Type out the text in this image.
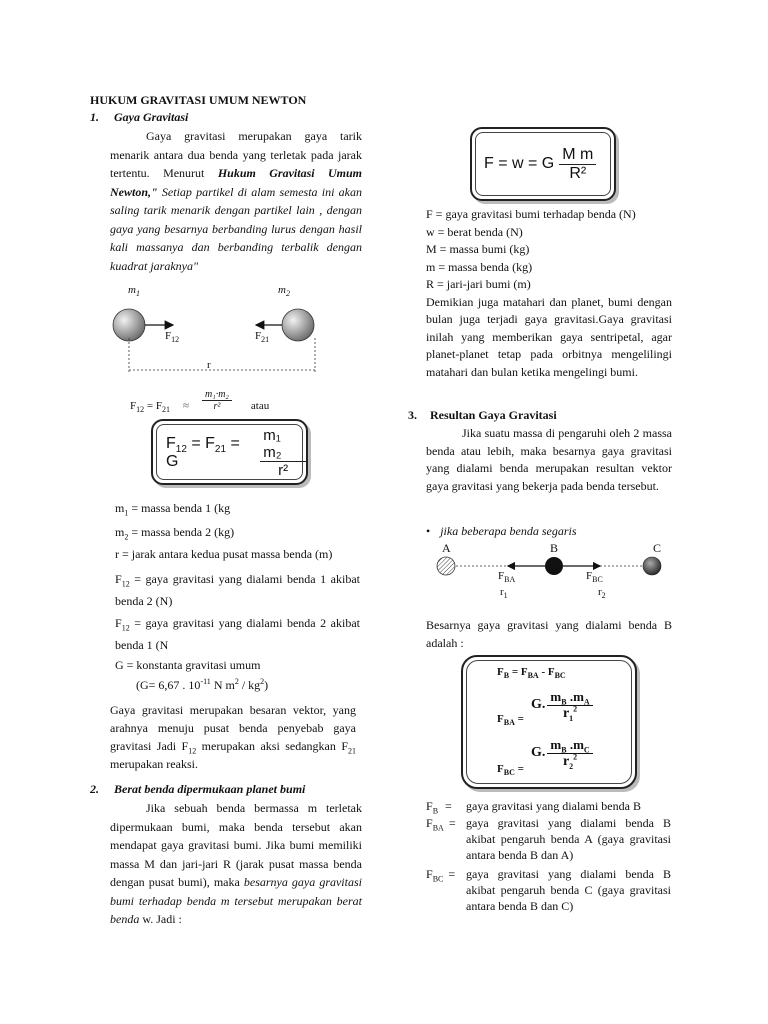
HUKUM GRAVITASI UMUM NEWTON
1. Gaya Gravitasi

Gaya gravitasi merupakan gaya tarik menarik antara dua benda yang terletak pada jarak tertentu. Menurut Hukum Gravitasi Umum Newton," Setiap partikel di alam semesta ini akan saling tarik menarik dengan partikel lain , dengan gaya yang besarnya berbanding lurus dengan hasil kali massanya dan berbanding terbalik dengan kuadrat jaraknya"

$m_1$	$m_2$
$F_{12}$	$F_{21}$
r
$F_{12} = F_{21} \approx \frac{\text{m₁·m₂}}{\text{r²}}$ atau
$F_{12} = F_{21} = G$	$\frac{\text{m₁ m₂}}{\text{r²}}$
$m_1$ = massa benda 1 (kg
$m_2$ = massa benda 2 (kg)
r = jarak antara kedua pusat massa benda (m)
$F_{12}$ = gaya gravitasi yang dialami benda 1 akibat benda 2 (N)
$F_{12}$ = gaya gravitasi yang dialami benda 2 akibat benda 1 (N
G = konstanta gravitasi umum
(G= 6,67 . $10^{-11}$ N $m^2 / kg^2$)
Gaya gravitasi merupakan besaran vektor, yang arahnya menuju pusat benda penyebab gaya gravitasi Jadi $F_{12}$ merupakan aksi sedangkan $F_{21}$ merupakan reaksi.
2. Berat benda dipermukaan planet bumi

Jika sebuah benda bermassa m terletak dipermukaan bumi, maka benda tersebut akan mendapat gaya gravitasi bumi. Jika bumi memiliki massa M dan jari-jari R (jarak pusat massa benda dengan pusat bumi), maka besarnya gaya gravitasi bumi terhadap benda m tersebut merupakan berat benda w. Jadi :

F = w = G $\frac{\text{M m}}{\text{R²}}$
F = gaya gravitasi bumi terhadap benda (N)
w = berat benda (N)
M = massa bumi (kg)
m = massa benda (kg)
R = jari-jari bumi (m)

Demikian juga matahari dan planet, bumi dengan bulan juga terjadi gaya gravitasi.Gaya gravitasi inilah yang memberikan gaya sentripetal, agar planet-planet tetap pada orbitnya mengelilingi matahari dan bulan ketika mengelingi bumi.

3. Resultan Gaya Gravitasi

Jika suatu massa di pengaruhi oleh 2 massa benda atau lebih, maka besarnya gaya gravitasi yang dialami benda merupakan resultan vektor gaya gravitasi yang bekerja pada benda tersebut.

• jika beberapa benda segaris
A	B	C
$F_{BA}$	$F_{BC}$
$r_1$	$r_2$
Besarnya gaya gravitasi yang dialami benda B adalah :
$F_B = F_{BA} - F_{BC}$
$F_{BA}$ =
G. $\frac{m_B .m_A}{r_1^2}$
$F_{BC}$ =
G. $\frac{m_B .m_C}{r_2^2}$
$F_B$ =	gaya gravitasi yang dialami benda B
$F_{BA}$ = gaya gravitasi yang dialami benda B akibat pengaruh benda A (gaya gravitasi antara benda B dan A)
$F_{BC}$ = gaya gravitasi yang dialami benda B akibat pengaruh benda C (gaya gravitasi antara benda B dan C)
